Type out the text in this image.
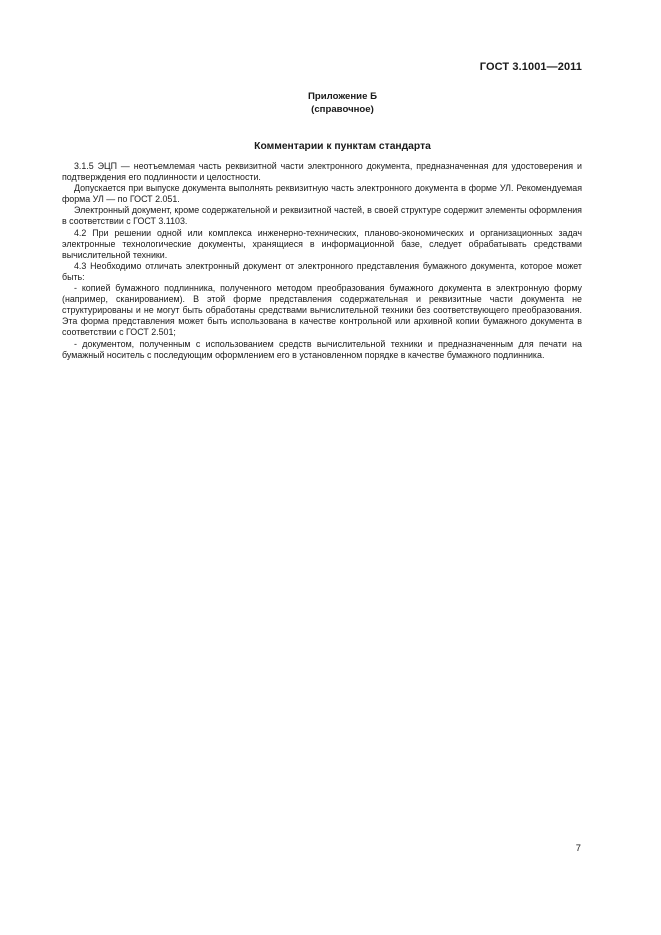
ГОСТ 3.1001—2011
Приложение Б
(справочное)
Комментарии к пунктам стандарта

3.1.5 ЭЦП — неотъемлемая часть реквизитной части электронного документа, предназначенная для удостоверения и подтверждения его подлинности и целостности.

Допускается при выпуске документа выполнять реквизитную часть электронного документа в форме УЛ. Рекомендуемая форма УЛ — по ГОСТ 2.051.

Электронный документ, кроме содержательной и реквизитной частей, в своей структуре содержит элементы оформления в соответствии с ГОСТ 3.1103.

4.2 При решении одной или комплекса инженерно-технических, планово-экономических и организационных задач электронные технологические документы, хранящиеся в информационной базе, следует обрабатывать средствами вычислительной техники.

4.3 Необходимо отличать электронный документ от электронного представления бумажного документа, которое может быть:

- копией бумажного подлинника, полученного методом преобразования бумажного документа в электронную форму (например, сканированием). В этой форме представления содержательная и реквизитные части документа не структурированы и не могут быть обработаны средствами вычислительной техники без соответствующего преобразования. Эта форма представления может быть использована в качестве контрольной или архивной копии бумажного документа в соответствии с ГОСТ 2.501;

- документом, полученным с использованием средств вычислительной техники и предназначенным для печати на бумажный носитель с последующим оформлением его в установленном порядке в качестве бумажного подлинника.

7
